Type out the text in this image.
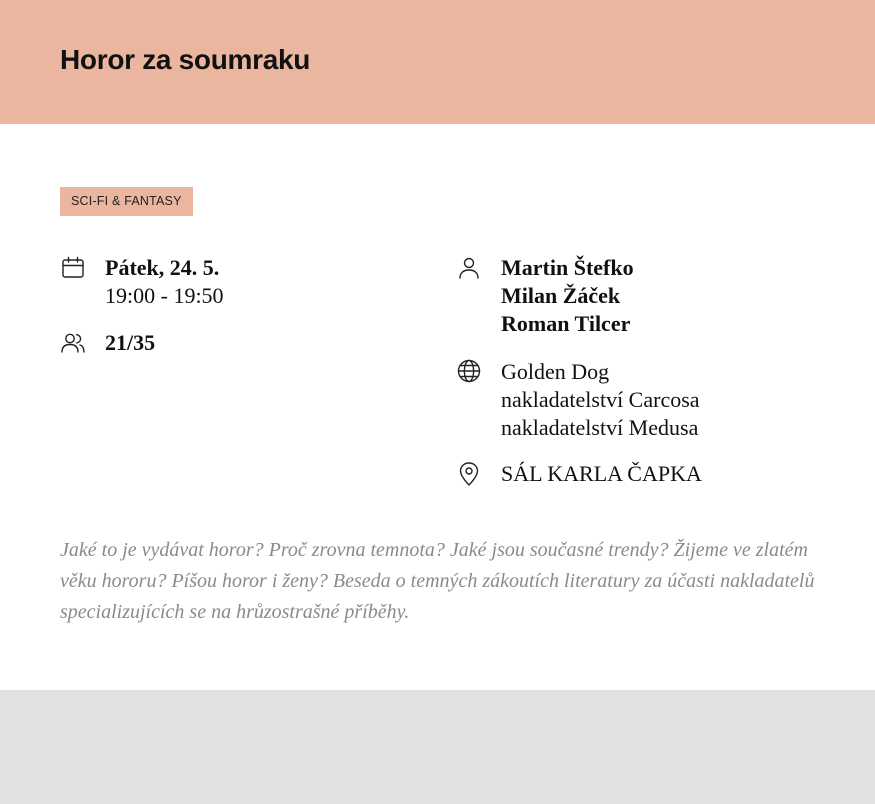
Horor za soumraku
SCI-FI & FANTASY
Pátek, 24. 5.
19:00 - 19:50
21/35
Martin Štefko
Milan Žáček
Roman Tilcer
Golden Dog
nakladatelství Carcosa
nakladatelství Medusa
SÁL KARLA ČAPKA

Jaké to je vydávat horor? Proč zrovna temnota? Jaké jsou současné trendy? Žijeme ve zlatém věku hororu? Píšou horor i ženy? Beseda o temných zákoutích literatury za účasti nakladatelů specializujících se na hrůzostrašné příběhy.
